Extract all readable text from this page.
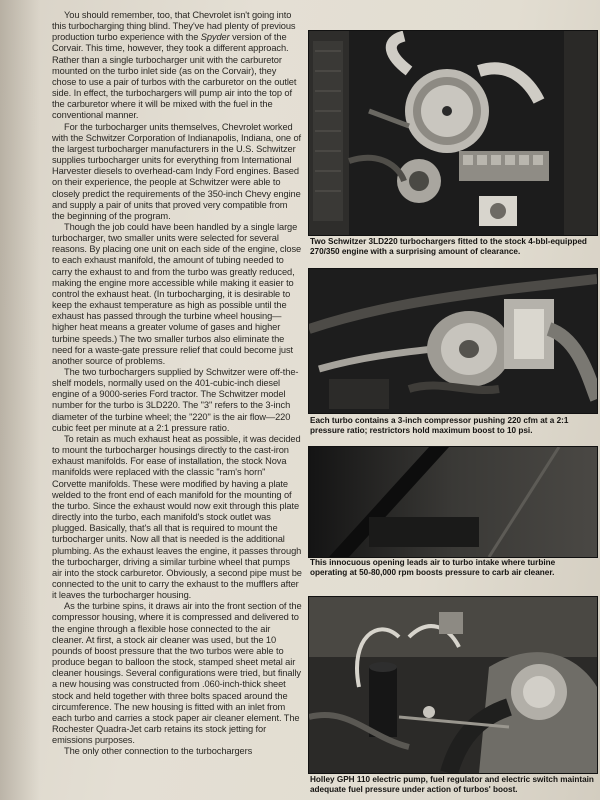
You should remember, too, that Chevrolet isn't going into this turbocharging thing blind. They've had plenty of previous production turbo experience with the Spyder version of the Corvair. This time, however, they took a different approach. Rather than a single turbocharger unit with the carburetor mounted on the turbo inlet side (as on the Corvair), they chose to use a pair of turbos with the carburetor on the outlet side. In effect, the turbochargers will pump air into the top of the carburetor where it will be mixed with the fuel in the conventional manner.

For the turbocharger units themselves, Chevrolet worked with the Schwitzer Corporation of Indianapolis, Indiana, one of the largest turbocharger manufacturers in the U.S. Schwitzer supplies turbocharger units for everything from International Harvester diesels to overhead-cam Indy Ford engines. Based on their experience, the people at Schwitzer were able to closely predict the requirements of the 350-inch Chevy engine and supply a pair of units that proved very compatible from the beginning of the program.

Though the job could have been handled by a single large turbocharger, two smaller units were selected for several reasons. By placing one unit on each side of the engine, close to each exhaust manifold, the amount of tubing needed to carry the exhaust to and from the turbo was greatly reduced, making the engine more accessible while making it easier to control the exhaust heat. (In turbocharging, it is desirable to keep the exhaust temperature as high as possible until the exhaust has passed through the turbine wheel housing—higher heat means a greater volume of gases and higher turbine speeds.) The two smaller turbos also eliminate the need for a waste-gate pressure relief that could become just another source of problems.

The two turbochargers supplied by Schwitzer were off-the-shelf models, normally used on the 401-cubic-inch diesel engine of a 9000-series Ford tractor. The Schwitzer model number for the turbo is 3LD220. The "3" refers to the 3-inch diameter of the turbine wheel; the "220" is the air flow—220 cubic feet per minute at a 2:1 pressure ratio.

To retain as much exhaust heat as possible, it was decided to mount the turbocharger housings directly to the cast-iron exhaust manifolds. For ease of installation, the stock Nova manifolds were replaced with the classic "ram's horn" Corvette manifolds. These were modified by having a plate welded to the front end of each manifold for the mounting of the turbo. Since the exhaust would now exit through this plate directly into the turbo, each manifold's stock outlet was plugged. Basically, that's all that is required to mount the turbocharger units. Now all that is needed is the additional plumbing. As the exhaust leaves the engine, it passes through the turbocharger, driving a similar turbine wheel that pumps air into the stock carburetor. Obviously, a second pipe must be connected to the unit to carry the exhaust to the mufflers after it leaves the turbocharger housing.

As the turbine spins, it draws air into the front section of the compressor housing, where it is compressed and delivered to the engine through a flexible hose connected to the air cleaner. At first, a stock air cleaner was used, but the 10 pounds of boost pressure that the two turbos were able to produce began to balloon the stock, stamped sheet metal air cleaner housings. Several configurations were tried, but finally a new housing was constructed from .060-inch-thick sheet stock and held together with three bolts spaced around the circumference. The new housing is fitted with an inlet from each turbo and carries a stock paper air cleaner element. The Rochester Quadra-Jet carb retains its stock jetting for emissions purposes.

The only other connection to the turbochargers

Two Schwitzer 3LD220 turbochargers fitted to the stock 4-bbl-equipped 270/350 engine with a surprising amount of clearance.

Each turbo contains a 3-inch compressor pushing 220 cfm at a 2:1 pressure ratio; restrictors hold maximum boost to 10 psi.

This innocuous opening leads air to turbo intake where turbine operating at 50-80,000 rpm boosts pressure to carb air cleaner.

Holley GPH 110 electric pump, fuel regulator and electric switch maintain adequate fuel pressure under action of turbos' boost.
